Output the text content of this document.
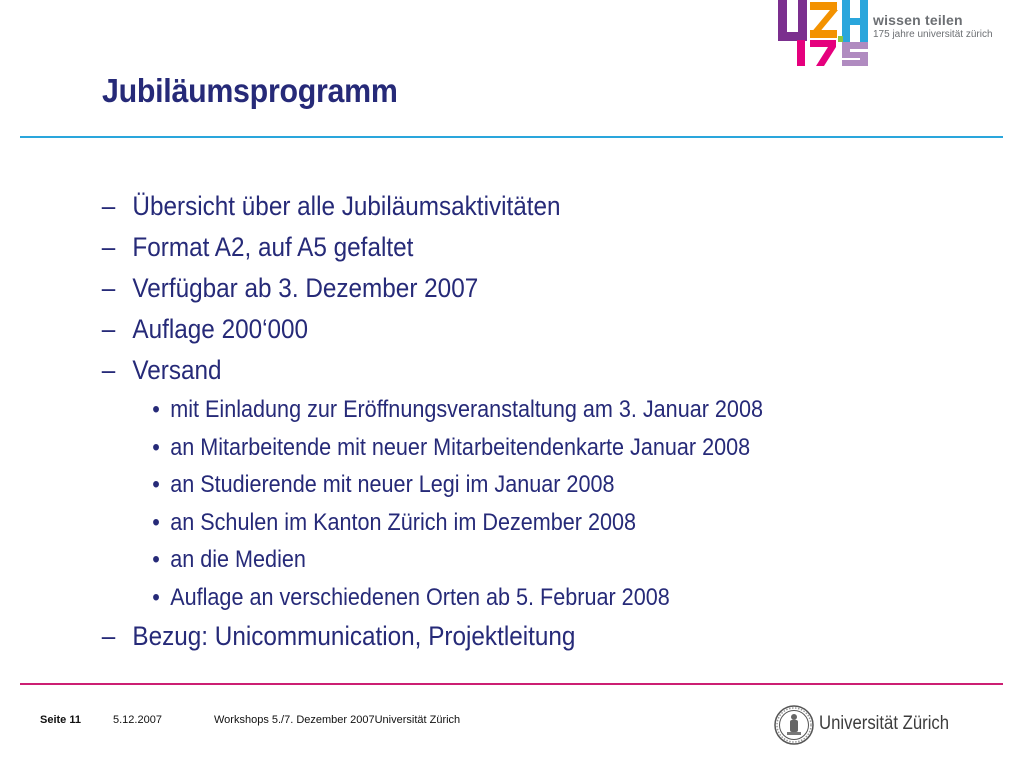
wissen teilen
175 jahre universität zürich
Jubiläumsprogramm
– Übersicht über alle Jubiläumsaktivitäten
– Format A2, auf A5 gefaltet
– Verfügbar ab 3. Dezember 2007
– Auflage 200‘000
– Versand
• mit Einladung zur Eröffnungsveranstaltung am 3. Januar 2008
• an Mitarbeitende mit neuer Mitarbeitendenkarte Januar 2008
• an Studierende mit neuer Legi im Januar 2008
• an Schulen im Kanton Zürich im Dezember 2008
• an die Medien
• Auflage an verschiedenen Orten ab 5. Februar 2008
– Bezug: Unicommunication, Projektleitung
Seite 11	5.12.2007	Workshops 5./7. Dezember 2007Universität Zürich	Universität Zürich
